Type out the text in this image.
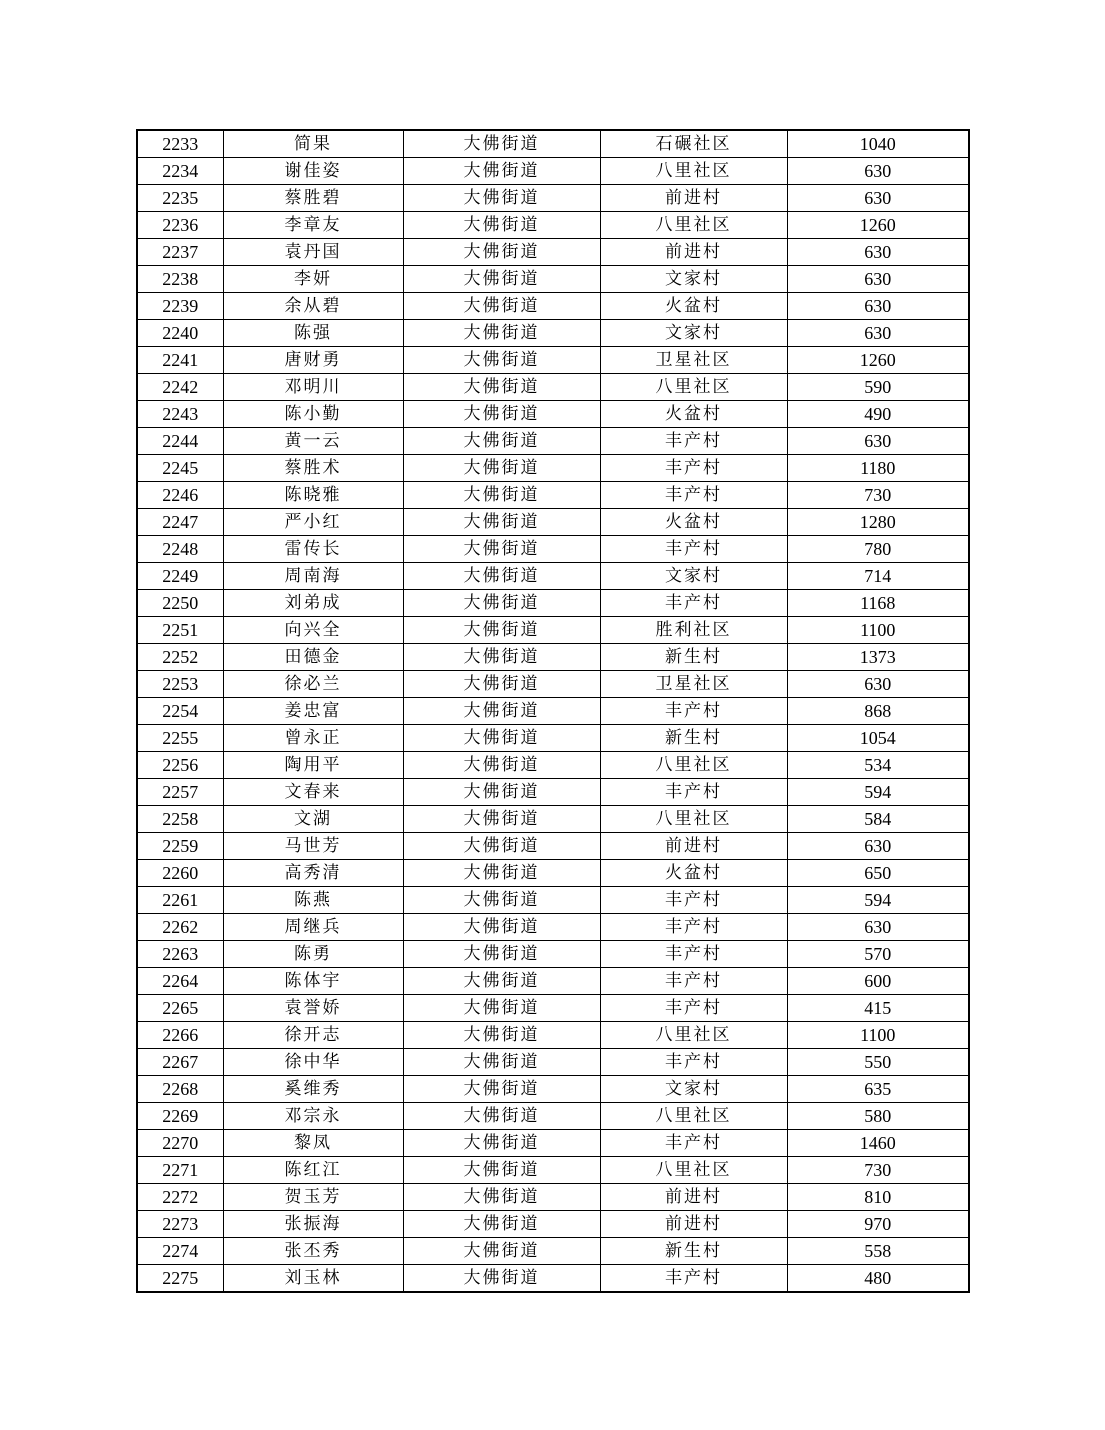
2233	简果	大佛街道	石碾社区	1040
2234	谢佳姿	大佛街道	八里社区	630
2235	蔡胜碧	大佛街道	前进村	630
2236	李章友	大佛街道	八里社区	1260
2237	袁丹国	大佛街道	前进村	630
2238	李妍	大佛街道	文家村	630
2239	余从碧	大佛街道	火盆村	630
2240	陈强	大佛街道	文家村	630
2241	唐财勇	大佛街道	卫星社区	1260
2242	邓明川	大佛街道	八里社区	590
2243	陈小勤	大佛街道	火盆村	490
2244	黄一云	大佛街道	丰产村	630
2245	蔡胜术	大佛街道	丰产村	1180
2246	陈晓雅	大佛街道	丰产村	730
2247	严小红	大佛街道	火盆村	1280
2248	雷传长	大佛街道	丰产村	780
2249	周南海	大佛街道	文家村	714
2250	刘弟成	大佛街道	丰产村	1168
2251	向兴全	大佛街道	胜利社区	1100
2252	田德金	大佛街道	新生村	1373
2253	徐必兰	大佛街道	卫星社区	630
2254	姜忠富	大佛街道	丰产村	868
2255	曾永正	大佛街道	新生村	1054
2256	陶用平	大佛街道	八里社区	534
2257	文春来	大佛街道	丰产村	594
2258	文湖	大佛街道	八里社区	584
2259	马世芳	大佛街道	前进村	630
2260	高秀清	大佛街道	火盆村	650
2261	陈燕	大佛街道	丰产村	594
2262	周继兵	大佛街道	丰产村	630
2263	陈勇	大佛街道	丰产村	570
2264	陈体宇	大佛街道	丰产村	600
2265	袁誉娇	大佛街道	丰产村	415
2266	徐开志	大佛街道	八里社区	1100
2267	徐中华	大佛街道	丰产村	550
2268	奚维秀	大佛街道	文家村	635
2269	邓宗永	大佛街道	八里社区	580
2270	黎凤	大佛街道	丰产村	1460
2271	陈红江	大佛街道	八里社区	730
2272	贺玉芳	大佛街道	前进村	810
2273	张振海	大佛街道	前进村	970
2274	张丕秀	大佛街道	新生村	558
2275	刘玉林	大佛街道	丰产村	480
